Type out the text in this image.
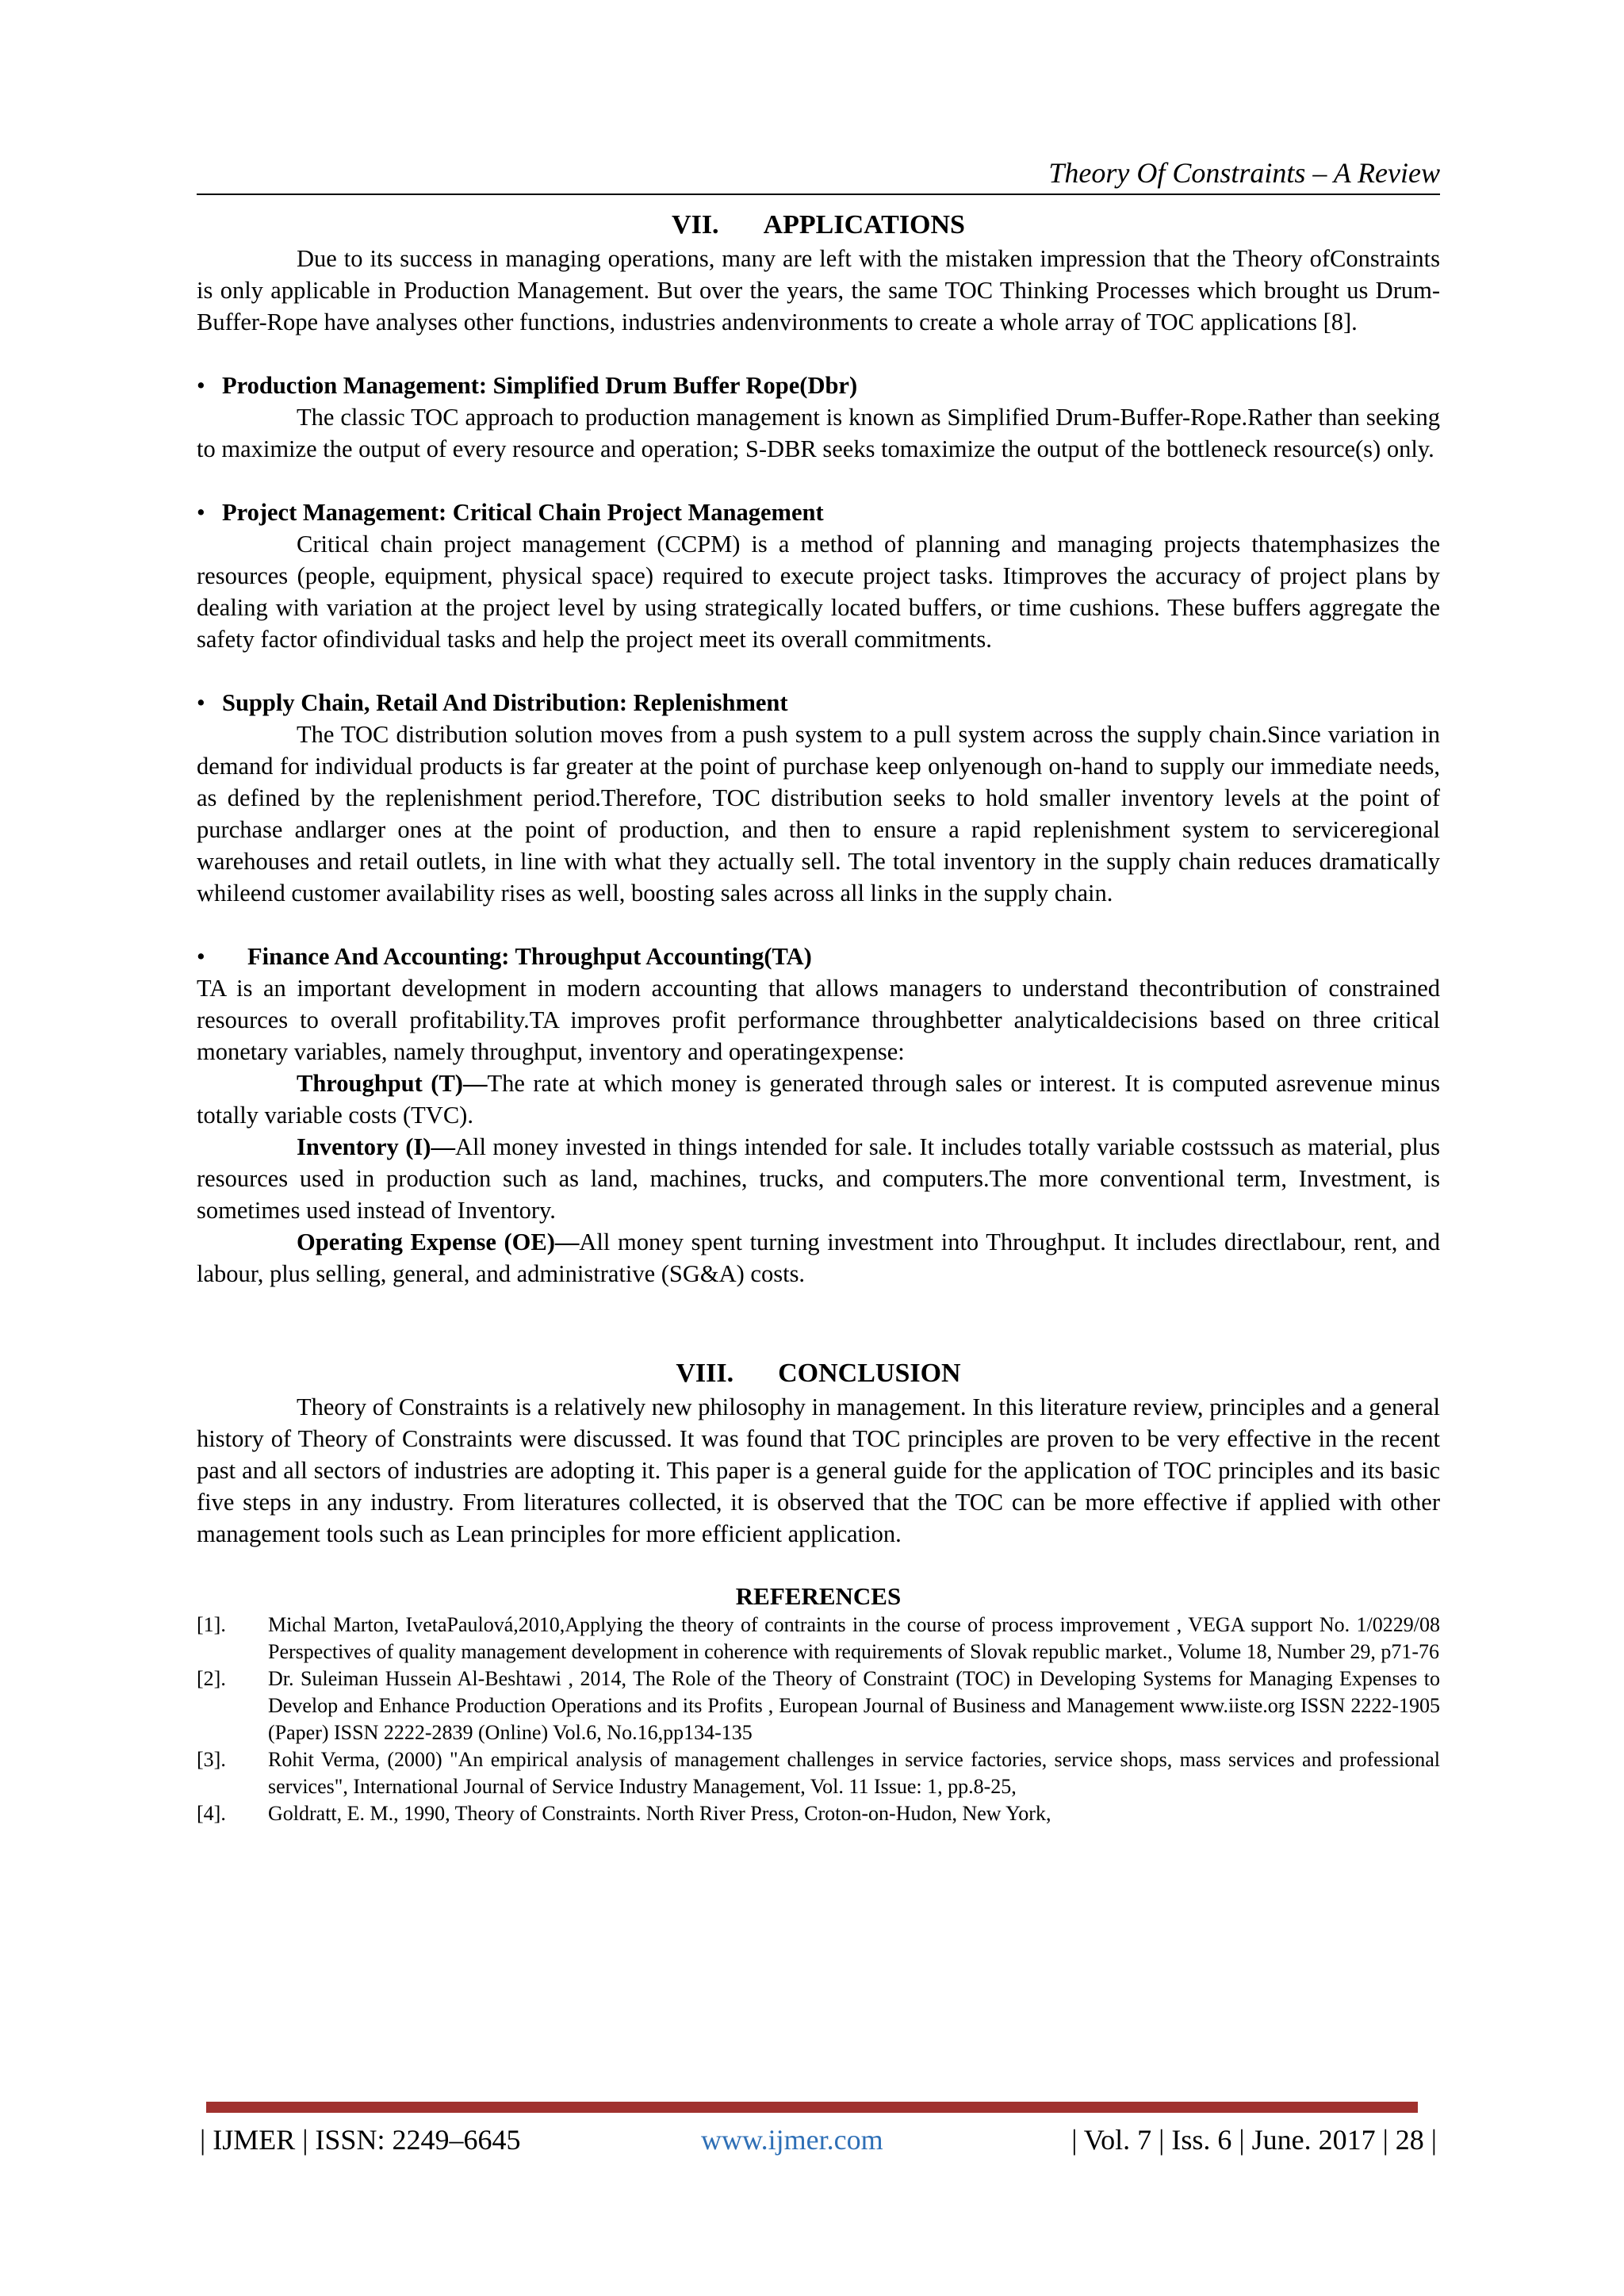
Theory Of Constraints – A Review
VII. APPLICATIONS

Due to its success in managing operations, many are left with the mistaken impression that the Theory ofConstraints is only applicable in Production Management. But over the years, the same TOC Thinking Processes which brought us Drum-Buffer-Rope have analyses other functions, industries andenvironments to create a whole array of TOC applications [8].

• Production Management: Simplified Drum Buffer Rope(Dbr)

The classic TOC approach to production management is known as Simplified Drum-Buffer-Rope.Rather than seeking to maximize the output of every resource and operation; S-DBR seeks tomaximize the output of the bottleneck resource(s) only.

• Project Management: Critical Chain Project Management

Critical chain project management (CCPM) is a method of planning and managing projects thatemphasizes the resources (people, equipment, physical space) required to execute project tasks. Itimproves the accuracy of project plans by dealing with variation at the project level by using strategically located buffers, or time cushions. These buffers aggregate the safety factor ofindividual tasks and help the project meet its overall commitments.

• Supply Chain, Retail And Distribution: Replenishment

The TOC distribution solution moves from a push system to a pull system across the supply chain.Since variation in demand for individual products is far greater at the point of purchase keep onlyenough on-hand to supply our immediate needs, as defined by the replenishment period.Therefore, TOC distribution seeks to hold smaller inventory levels at the point of purchase andlarger ones at the point of production, and then to ensure a rapid replenishment system to serviceregional warehouses and retail outlets, in line with what they actually sell. The total inventory in the supply chain reduces dramatically whileend customer availability rises as well, boosting sales across all links in the supply chain.

•	Finance And Accounting: Throughput Accounting(TA)

TA is an important development in modern accounting that allows managers to understand thecontribution of constrained resources to overall profitability.TA improves profit performance throughbetter analyticaldecisions based on three critical monetary variables, namely throughput, inventory and operatingexpense:

Throughput (T)—The rate at which money is generated through sales or interest. It is computed asrevenue minus totally variable costs (TVC).

Inventory (I)—All money invested in things intended for sale. It includes totally variable costssuch as material, plus resources used in production such as land, machines, trucks, and computers.The more conventional term, Investment, is sometimes used instead of Inventory.

Operating Expense (OE)—All money spent turning investment into Throughput. It includes directlabour, rent, and labour, plus selling, general, and administrative (SG&A) costs.

VIII. CONCLUSION

Theory of Constraints is a relatively new philosophy in management. In this literature review, principles and a general history of Theory of Constraints were discussed. It was found that TOC principles are proven to be very effective in the recent past and all sectors of industries are adopting it. This paper is a general guide for the application of TOC principles and its basic five steps in any industry. From literatures collected, it is observed that the TOC can be more effective if applied with other management tools such as Lean principles for more efficient application.

REFERENCES
[1].	Michal Marton, IvetaPaulová,2010,Applying the theory of contraints in the course of process improvement , VEGA support No. 1/0229/08 Perspectives of quality management development in coherence with requirements of Slovak republic market., Volume 18, Number 29, p71-76
[2].	Dr. Suleiman Hussein Al-Beshtawi , 2014, The Role of the Theory of Constraint (TOC) in Developing Systems for Managing Expenses to Develop and Enhance Production Operations and its Profits , European Journal of Business and Management www.iiste.org ISSN 2222-1905 (Paper) ISSN 2222-2839 (Online) Vol.6, No.16,pp134-135
[3].	Rohit Verma, (2000) "An empirical analysis of management challenges in service factories, service shops, mass services and professional services", International Journal of Service Industry Management, Vol. 11 Issue: 1, pp.8-25,
[4].	Goldratt, E. M., 1990, Theory of Constraints. North River Press, Croton-on-Hudon, New York,
| IJMER | ISSN: 2249–6645	www.ijmer.com	| Vol. 7 | Iss. 6 | June. 2017 | 28 |
